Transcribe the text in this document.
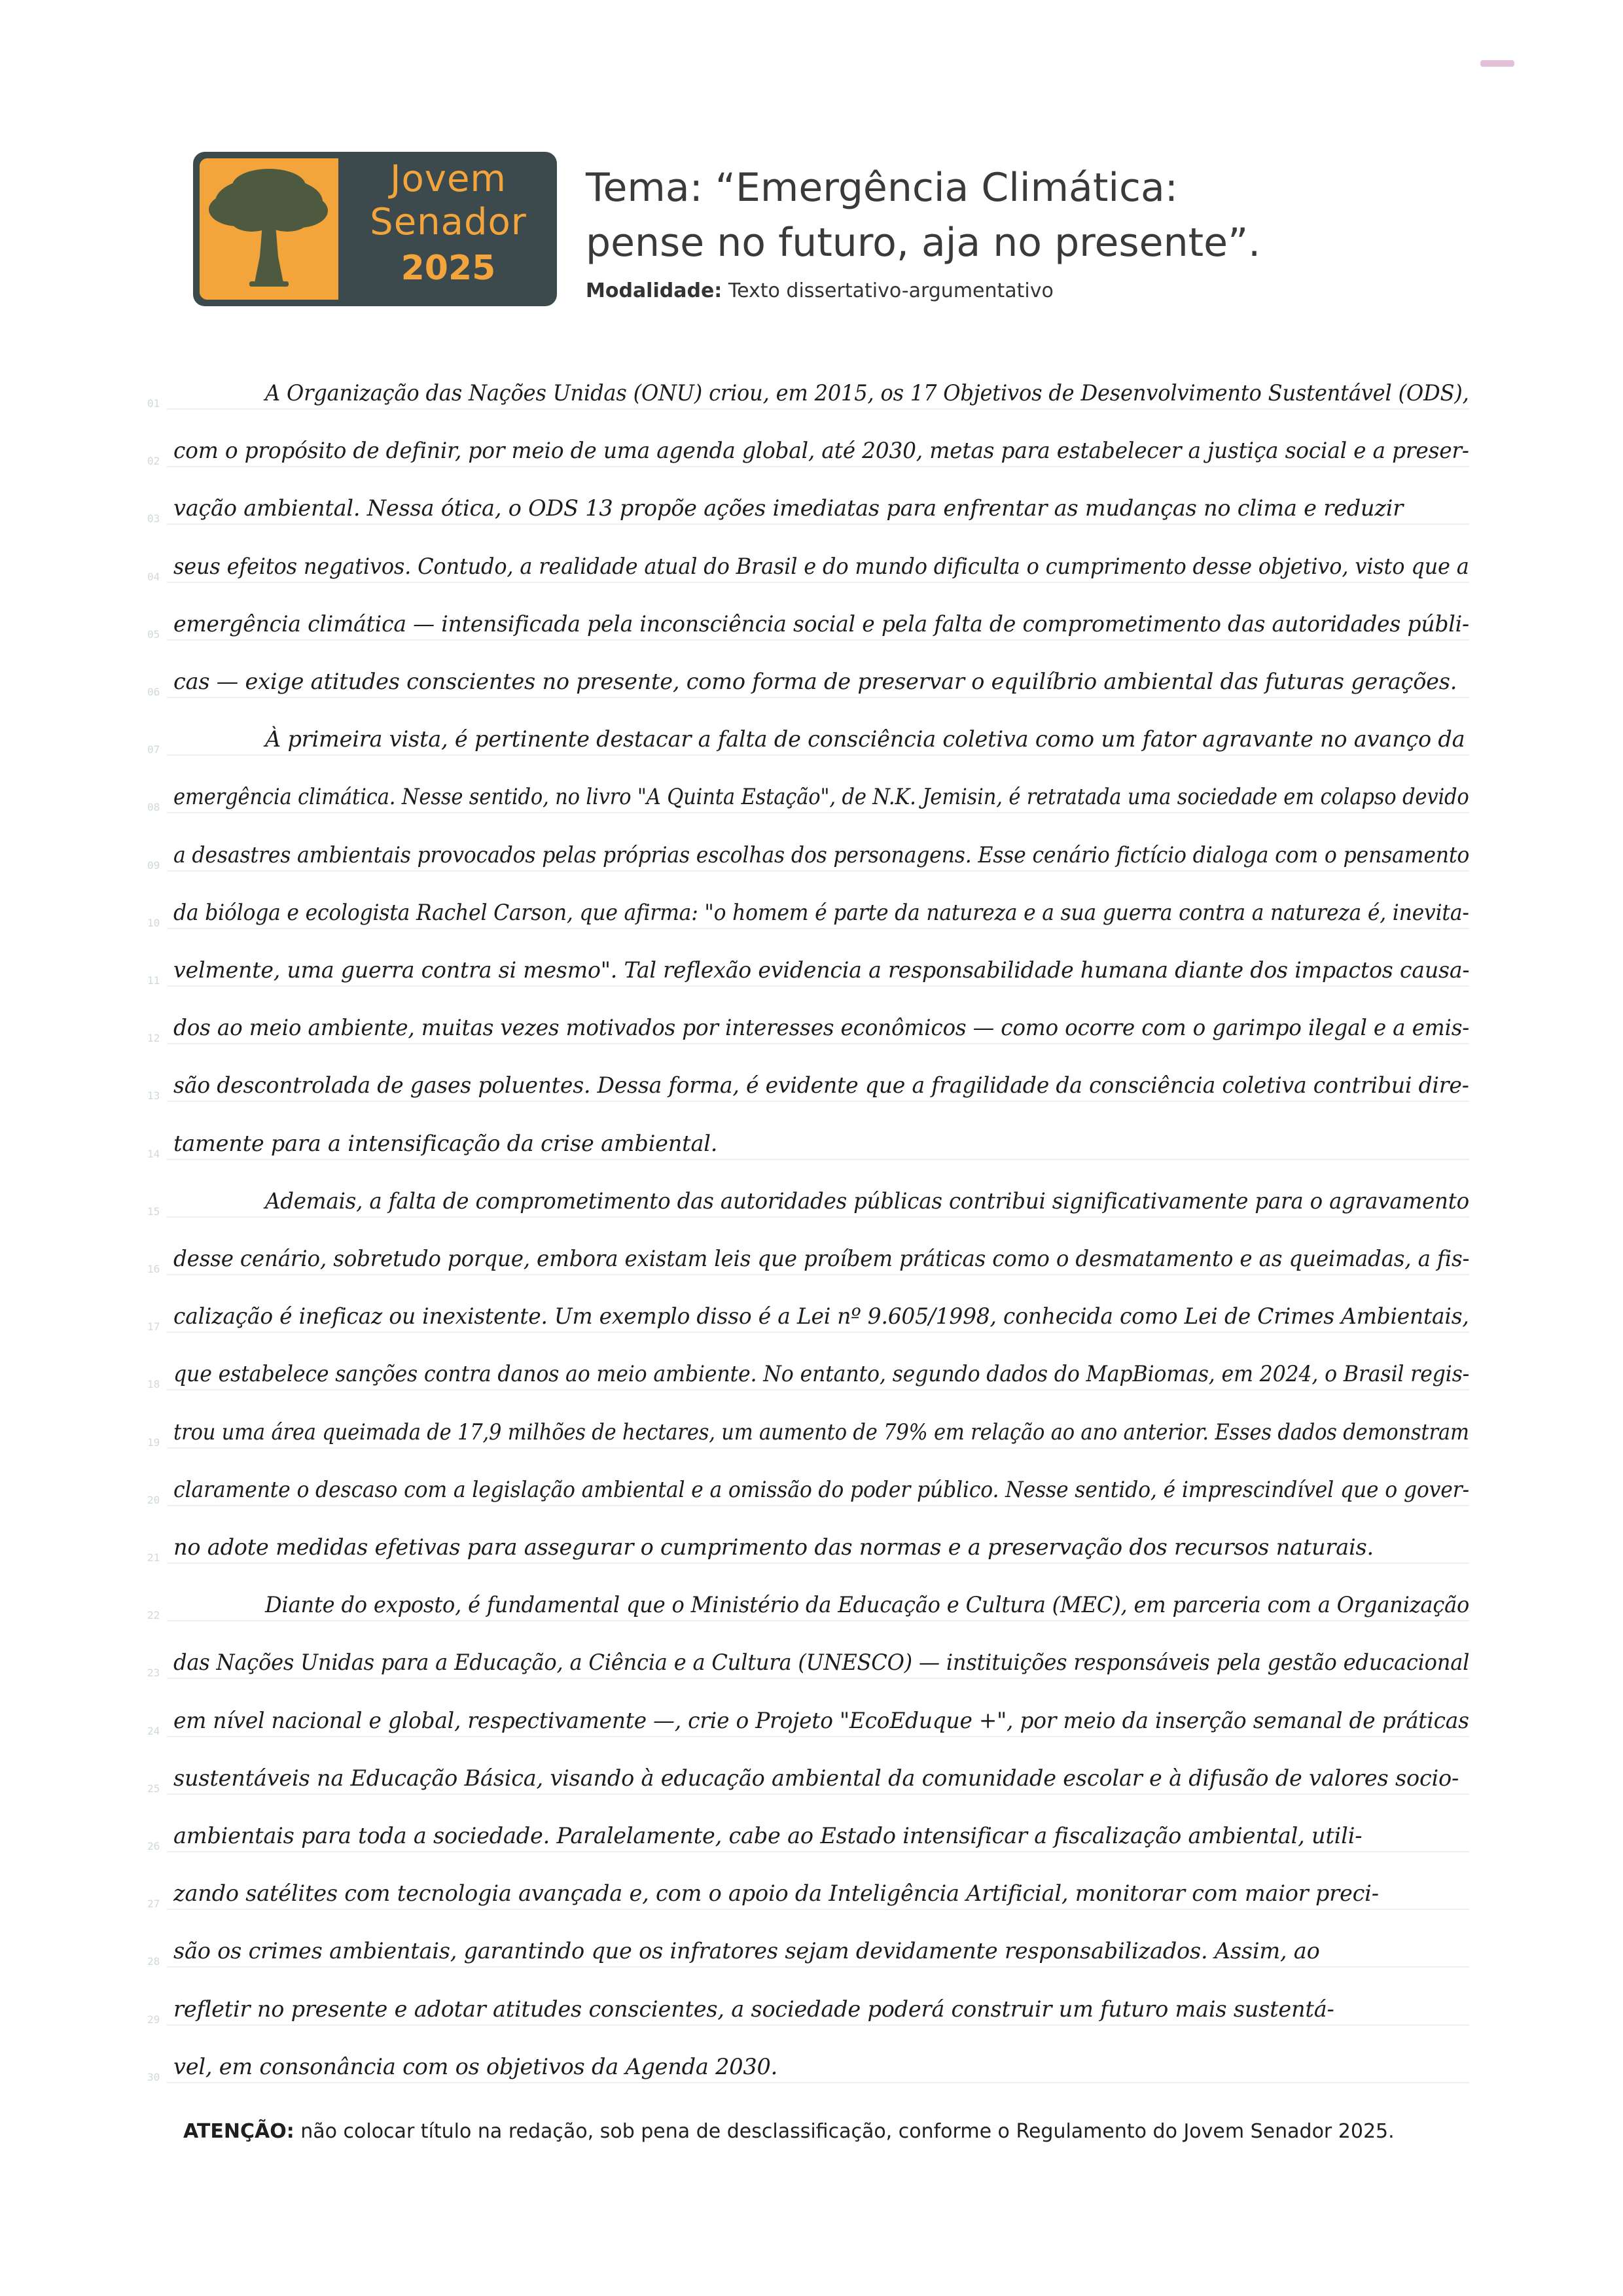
Jovem
Senador
2025
Tema: “Emergência Climática:
pense no futuro, aja no presente”.
Modalidade: Texto dissertativo-argumentativo
01	A Organização das Nações Unidas (ONU) criou, em 2015, os 17 Objetivos de Desenvolvimento Sustentável (ODS),
02 com o propósito de definir, por meio de uma agenda global, até 2030, metas para estabelecer a justiça social e a preser-
03 vação ambiental. Nessa ótica, o ODS 13 propõe ações imediatas para enfrentar as mudanças no clima e reduzir
04 seus efeitos negativos. Contudo, a realidade atual do Brasil e do mundo dificulta o cumprimento desse objetivo, visto que a
05 emergência climática — intensificada pela inconsciência social e pela falta de comprometimento das autoridades públi-
06 cas — exige atitudes conscientes no presente, como forma de preservar o equilíbrio ambiental das futuras gerações.
07	À primeira vista, é pertinente destacar a falta de consciência coletiva como um fator agravante no avanço da
08 emergência climática. Nesse sentido, no livro "A Quinta Estação", de N.K. Jemisin, é retratada uma sociedade em colapso devido
09 a desastres ambientais provocados pelas próprias escolhas dos personagens. Esse cenário fictício dialoga com o pensamento
10 da bióloga e ecologista Rachel Carson, que afirma: "o homem é parte da natureza e a sua guerra contra a natureza é, inevita-
11 velmente, uma guerra contra si mesmo". Tal reflexão evidencia a responsabilidade humana diante dos impactos causa-
12 dos ao meio ambiente, muitas vezes motivados por interesses econômicos — como ocorre com o garimpo ilegal e a emis-
13 são descontrolada de gases poluentes. Dessa forma, é evidente que a fragilidade da consciência coletiva contribui dire-
14 tamente para a intensificação da crise ambiental.
15	Ademais, a falta de comprometimento das autoridades públicas contribui significativamente para o agravamento
16 desse cenário, sobretudo porque, embora existam leis que proíbem práticas como o desmatamento e as queimadas, a fis-
17 calização é ineficaz ou inexistente. Um exemplo disso é a Lei nº 9.605/1998, conhecida como Lei de Crimes Ambientais,
18 que estabelece sanções contra danos ao meio ambiente. No entanto, segundo dados do MapBiomas, em 2024, o Brasil regis-
19 trou uma área queimada de 17,9 milhões de hectares, um aumento de 79% em relação ao ano anterior. Esses dados demonstram
20 claramente o descaso com a legislação ambiental e a omissão do poder público. Nesse sentido, é imprescindível que o gover-
21 no adote medidas efetivas para assegurar o cumprimento das normas e a preservação dos recursos naturais.
22	Diante do exposto, é fundamental que o Ministério da Educação e Cultura (MEC), em parceria com a Organização
23 das Nações Unidas para a Educação, a Ciência e a Cultura (UNESCO) — instituições responsáveis pela gestão educacional
24 em nível nacional e global, respectivamente —, crie o Projeto "EcoEduque +", por meio da inserção semanal de práticas
25 sustentáveis na Educação Básica, visando à educação ambiental da comunidade escolar e à difusão de valores socio-
26 ambientais para toda a sociedade. Paralelamente, cabe ao Estado intensificar a fiscalização ambiental, utili-
27 zando satélites com tecnologia avançada e, com o apoio da Inteligência Artificial, monitorar com maior preci-
28 são os crimes ambientais, garantindo que os infratores sejam devidamente responsabilizados. Assim, ao
29 refletir no presente e adotar atitudes conscientes, a sociedade poderá construir um futuro mais sustentá-
30 vel, em consonância com os objetivos da Agenda 2030.
ATENÇÃO: não colocar título na redação, sob pena de desclassificação, conforme o Regulamento do Jovem Senador 2025.
